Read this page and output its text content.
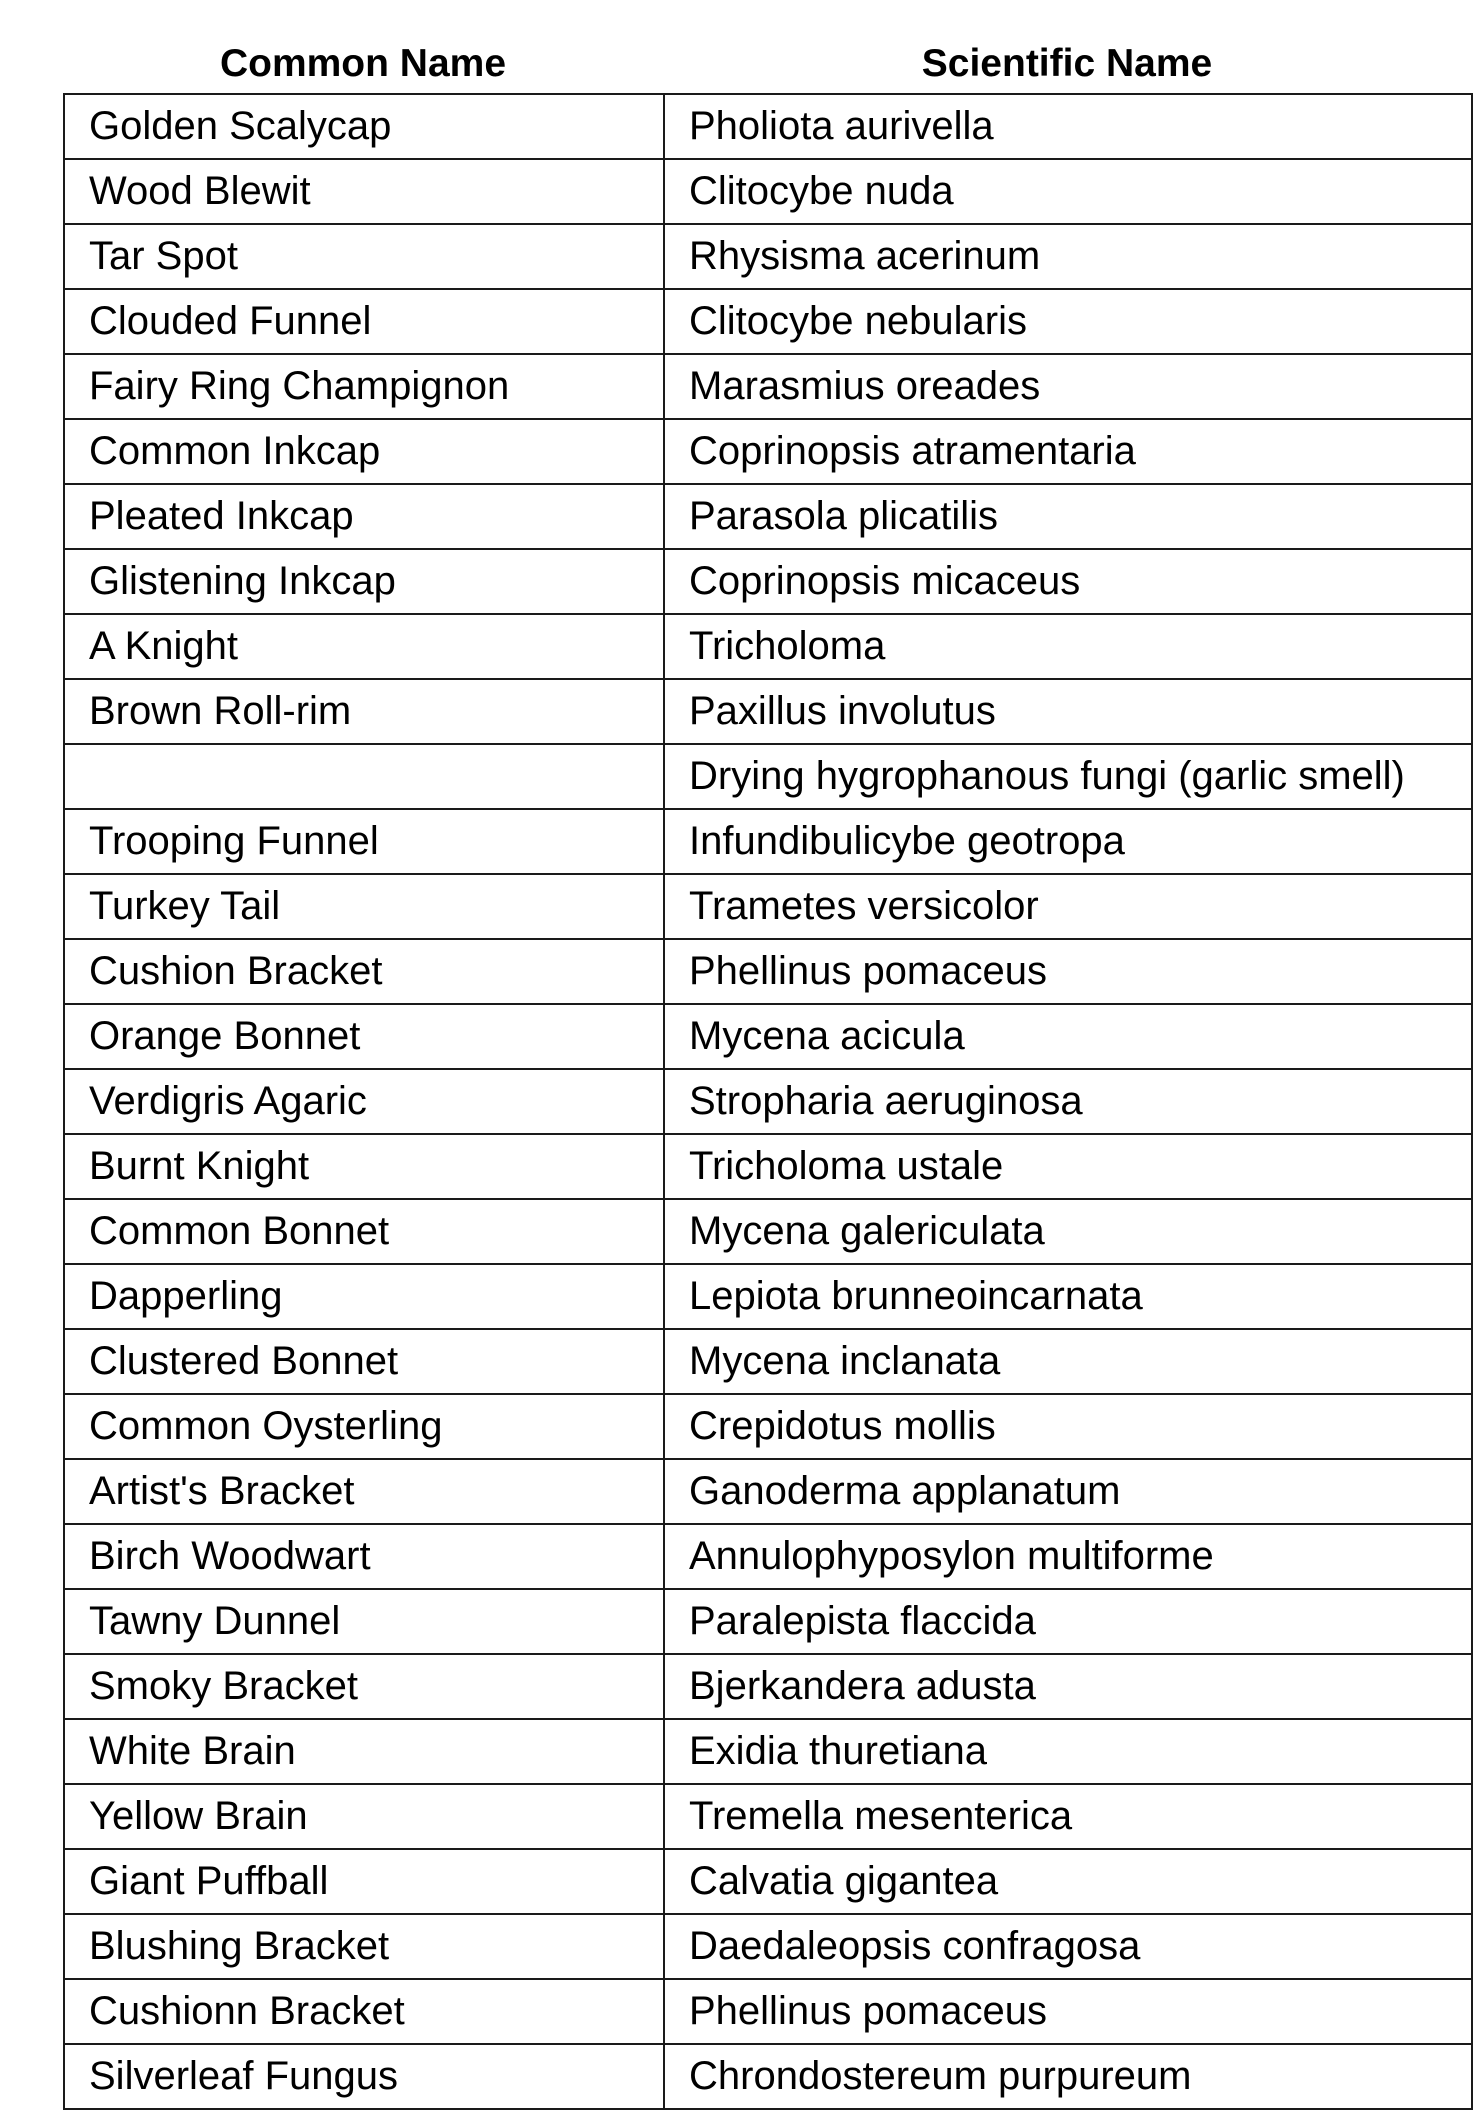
Common Name	Scientific Name
Golden Scalycap	Pholiota aurivella
Wood Blewit	Clitocybe nuda
Tar Spot	Rhysisma acerinum
Clouded Funnel	Clitocybe nebularis
Fairy Ring Champignon	Marasmius oreades
Common Inkcap	Coprinopsis atramentaria
Pleated Inkcap	Parasola plicatilis
Glistening Inkcap	Coprinopsis micaceus
A Knight	Tricholoma
Brown Roll-rim	Paxillus involutus
	Drying hygrophanous fungi (garlic smell)
Trooping Funnel	Infundibulicybe geotropa
Turkey Tail	Trametes versicolor
Cushion Bracket	Phellinus pomaceus
Orange Bonnet	Mycena acicula
Verdigris Agaric	Stropharia aeruginosa
Burnt Knight	Tricholoma ustale
Common Bonnet	Mycena galericulata
Dapperling	Lepiota brunneoincarnata
Clustered Bonnet	Mycena inclanata
Common Oysterling	Crepidotus mollis
Artist's Bracket	Ganoderma applanatum
Birch Woodwart	Annulophyposylon multiforme
Tawny Dunnel	Paralepista flaccida
Smoky Bracket	Bjerkandera adusta
White Brain	Exidia thuretiana
Yellow Brain	Tremella mesenterica
Giant Puffball	Calvatia gigantea
Blushing Bracket	Daedaleopsis confragosa
Cushionn Bracket	Phellinus pomaceus
Silverleaf Fungus	Chrondostereum purpureum
